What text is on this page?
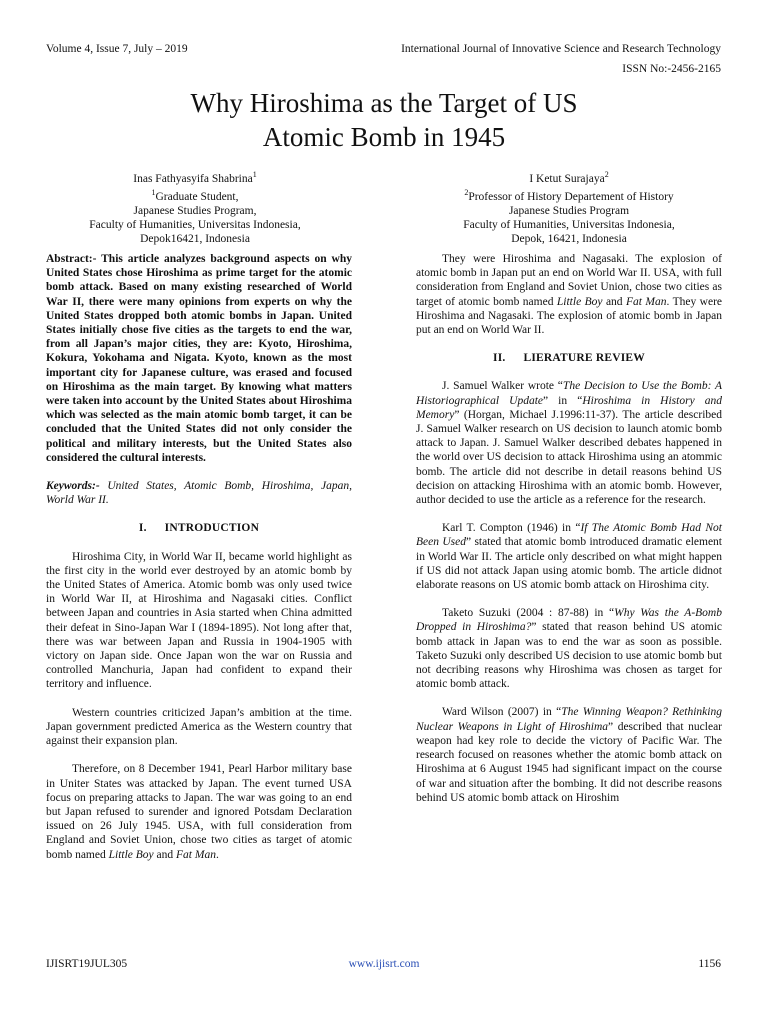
Volume 4, Issue 7, July – 2019	International Journal of Innovative Science and Research Technology
ISSN No:-2456-2165
Why Hiroshima as the Target of US
Atomic Bomb in 1945
Inas Fathyasyifa Shabrina$^1$
$^1$Graduate Student,
Japanese Studies Program,
Faculty of Humanities, Universitas Indonesia,
Depok16421, Indonesia
I Ketut Surajaya$^2$
$^2$Professor of History Departement of History
Japanese Studies Program
Faculty of Humanities, Universitas Indonesia,
Depok, 16421, Indonesia

Abstract:- This article analyzes background aspects on why United States chose Hiroshima as prime target for the atomic bomb attack. Based on many existing researched of World War II, there were many opinions from experts on why the United States dropped both atomic bombs in Japan. United States initially chose five cities as the targets to end the war, from all Japan’s major cities, they are: Kyoto, Hiroshima, Kokura, Yokohama and Nigata. Kyoto, known as the most important city for Japanese culture, was erased and focused on Hiroshima as the main target. By knowing what matters were taken into account by the United States about Hiroshima which was selected as the main atomic bomb target, it can be concluded that the United States did not only consider the political and military interests, but the United States also considered the cultural interests.

Keywords:- United States, Atomic Bomb, Hiroshima, Japan, World War II.

I. INTRODUCTION

Hiroshima City, in World War II, became world highlight as the first city in the world ever destroyed by an atomic bomb by the United States of America. Atomic bomb was only used twice in World War II, at Hiroshima and Nagasaki cities. Conflict between Japan and countries in Asia started when China admitted their defeat in Sino-Japan War I (1894-1895). Not long after that, there was war between Japan and Russia in 1904-1905 with victory on Japan side. Once Japan won the war on Russia and controlled Manchuria, Japan had confident to expand their territory and influence.

Western countries criticized Japan’s ambition at the time. Japan government predicted America as the Western country that against their expansion plan.

Therefore, on 8 December 1941, Pearl Harbor military base in Uniter States was attacked by Japan. The event turned USA focus on preparing attacks to Japan. The war was going to an end but Japan refused to surender and ignored Potsdam Declaration issued on 26 July 1945. USA, with full consideration from England and Soviet Union, chose two cities as target of atomic bomb named Little Boy and Fat Man.

They were Hiroshima and Nagasaki. The explosion of atomic bomb in Japan put an end on World War II. USA, with full consideration from England and Soviet Union, chose two cities as target of atomic bomb named Little Boy and Fat Man. They were Hiroshima and Nagasaki. The explosion of atomic bomb in Japan put an end on World War II.

II. LIERATURE REVIEW

J. Samuel Walker wrote “The Decision to Use the Bomb: A Historiographical Update” in “Hiroshima in History and Memory” (Horgan, Michael J.1996:11-37). The article described J. Samuel Walker research on US decision to launch atomic bomb attack to Japan. J. Samuel Walker described debates happened in the world over US decision to attack Hiroshima using an atommic bomb. The article did not describe in detail reasons behind US decision on attacking Hiroshima with an atomic bomb. However, author decided to use the article as a reference for the research.

Karl T. Compton (1946) in “If The Atomic Bomb Had Not Been Used” stated that atomic bomb introduced dramatic element in World War II. The article only described on what might happen if US did not attack Japan using atomic bomb. The article didnot elaborate reasons on US atomic bomb attack on Hiroshima city.

Taketo Suzuki (2004 : 87-88) in “Why Was the A-Bomb Dropped in Hiroshima?” stated that reason behind US atomic bomb attack in Japan was to end the war as soon as possible. Taketo Suzuki only described US decision to use atomic bomb but not decribing reasons why Hiroshima was chosen as target for atomic bomb attack.

Ward Wilson (2007) in “The Winning Weapon? Rethinking Nuclear Weapons in Light of Hiroshima” described that nuclear weapon had key role to decide the victory of Pacific War. The research focused on reasones whether the atomic bomb attack on Hiroshima at 6 August 1945 had significant impact on the course of war and situation after the bombing. It did not describe reasons behind US atomic bomb attack on Hiroshim

IJISRT19JUL305	www.ijisrt.com	1156
